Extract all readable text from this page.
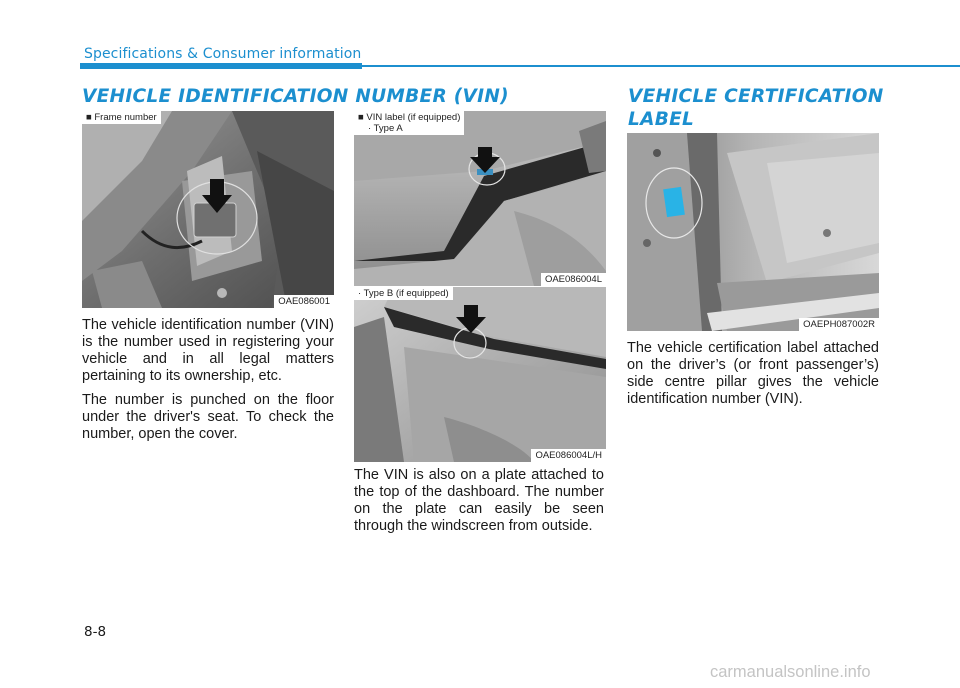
Specifications & Consumer information
VEHICLE IDENTIFICATION NUMBER (VIN)	VEHICLE CERTIFICATION
LABEL
■ Frame number
OAE086001

The vehicle identification number (VIN) is the number used in registering your vehicle and in all legal matters pertaining to its ownership, etc.

The number is punched on the floor under the driver's seat. To check the number, open the cover.

■ VIN label (if equipped)
· Type A
OAE086004L
· Type B (if equipped)
OAE086004L/H

The VIN is also on a plate attached to the top of the dashboard. The number on the plate can easily be seen through the windscreen from outside.

OAEPH087002R

The vehicle certification label attached on the driver’s (or front passenger’s) side centre pillar gives the vehicle identification number (VIN).

8-8
carmanualsonline.info
